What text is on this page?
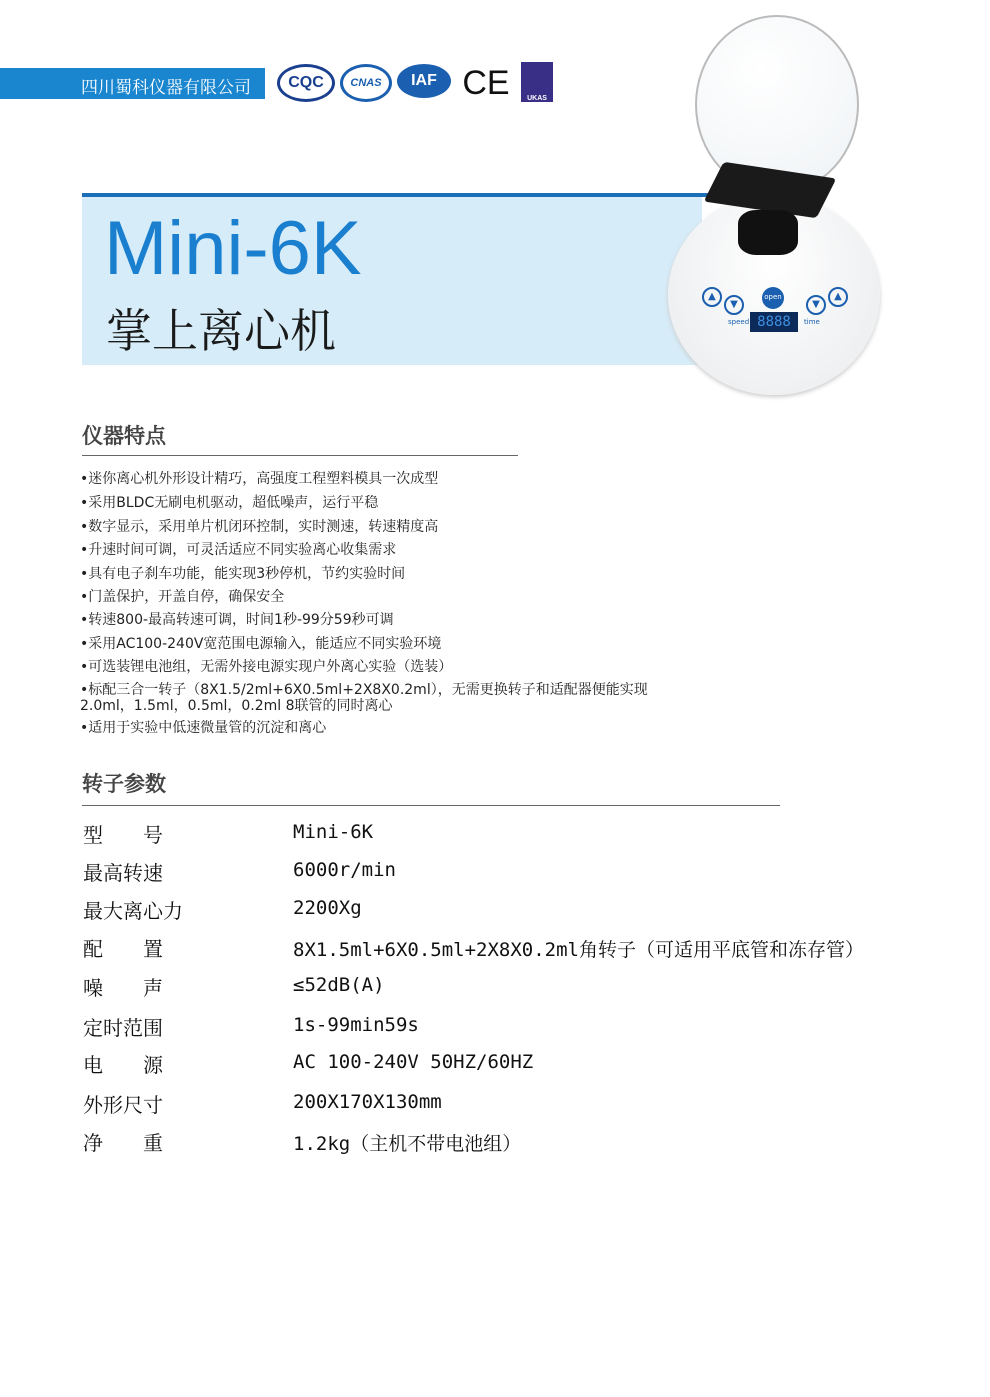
四川蜀科仪器有限公司	CQC	CNAS	IAF CE	UKAS
Mini-6K
掌上离心机
open
▲
▼	▼
▲
speed 8888	time
仪器特点
•迷你离心机外形设计精巧，高强度工程塑料模具一次成型
•采用BLDC无刷电机驱动，超低噪声，运行平稳
•数字显示，采用单片机闭环控制，实时测速，转速精度高
•升速时间可调，可灵活适应不同实验离心收集需求
•具有电子刹车功能，能实现3秒停机，节约实验时间
•门盖保护，开盖自停，确保安全
•转速800-最高转速可调，时间1秒-99分59秒可调
•采用AC100-240V宽范围电源输入，能适应不同实验环境
•可选装锂电池组，无需外接电源实现户外离心实验（选装）
•标配三合一转子（8X1.5/2ml+6X0.5ml+2X8X0.2ml），无需更换转子和适配器便能实现
2.0ml，1.5ml，0.5ml，0.2ml 8联管的同时离心
•适用于实验中低速微量管的沉淀和离心
转子参数
型　　号	Mini-6K
最高转速	6000r/min
最大离心力	2200Xg
配　　置	8X1.5ml+6X0.5ml+2X8X0.2ml角转子（可适用平底管和冻存管）
噪　　声	≤52dB(A)
定时范围	1s-99min59s
电　　源	AC 100-240V 50HZ/60HZ
外形尺寸	200X170X130mm
净　　重	1.2kg（主机不带电池组）
